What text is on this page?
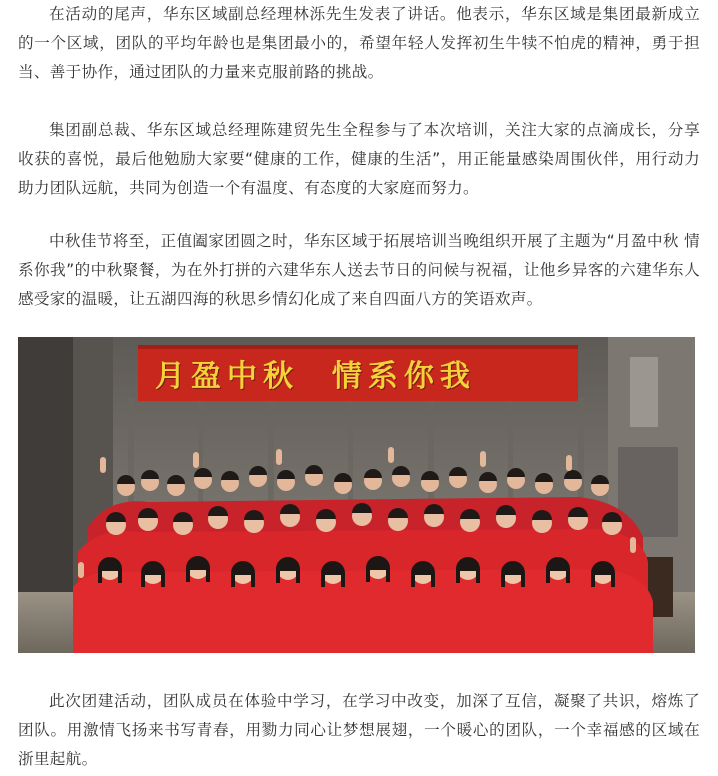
在活动的尾声，华东区域副总经理林泺先生发表了讲话。他表示，华东区域是集团最新成立的一个区域，团队的平均年龄也是集团最小的，希望年轻人发挥初生牛犊不怕虎的精神，勇于担当、善于协作，通过团队的力量来克服前路的挑战。

集团副总裁、华东区域总经理陈建贸先生全程参与了本次培训，关注大家的点滴成长，分享收获的喜悦，最后他勉励大家要“健康的工作，健康的生活”，用正能量感染周围伙伴，用行动力助力团队远航，共同为创造一个有温度、有态度的大家庭而努力。

中秋佳节将至，正值阖家团圆之时，华东区域于拓展培训当晚组织开展了主题为“月盈中秋 情系你我”的中秋聚餐，为在外打拼的六建华东人送去节日的问候与祝福，让他乡异客的六建华东人感受家的温暖，让五湖四海的秋思乡情幻化成了来自四面八方的笑语欢声。

月盈中秋  情系你我

此次团建活动，团队成员在体验中学习，在学习中改变，加深了互信，凝聚了共识，熔炼了团队。用激情飞扬来书写青春，用勠力同心让梦想展翅，一个暖心的团队，一个幸福感的区域在浙里起航。
